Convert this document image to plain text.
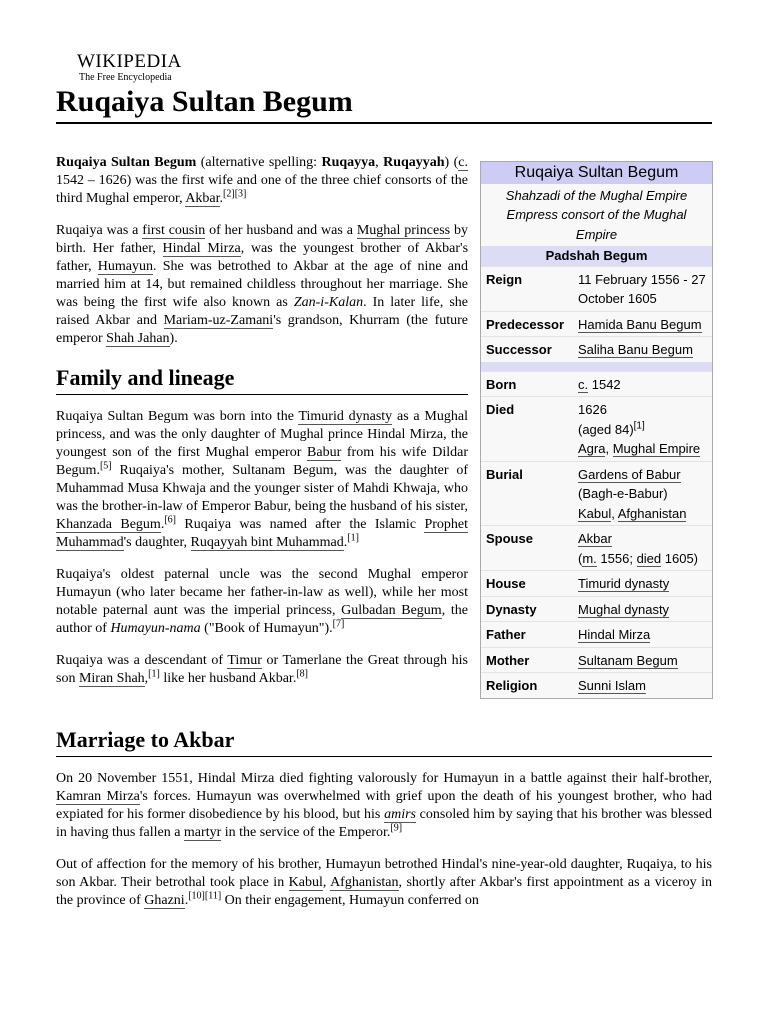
WIKIPEDIA
The Free Encyclopedia
Ruqaiya Sultan Begum

Ruqaiya Sultan Begum (alternative spelling: Ruqayya, Ruqayyah) (c. 1542 – 1626) was the first wife and one of the three chief consorts of the third Mughal emperor, Akbar.[2][3]

Ruqaiya was a first cousin of her husband and was a Mughal princess by birth. Her father, Hindal Mirza, was the youngest brother of Akbar's father, Humayun. She was betrothed to Akbar at the age of nine and married him at 14, but remained childless throughout her marriage. She was being the first wife also known as Zan-i-Kalan. In later life, she raised Akbar and Mariam-uz-Zamani's grandson, Khurram (the future emperor Shah Jahan).

Family and lineage

Ruqaiya Sultan Begum was born into the Timurid dynasty as a Mughal princess, and was the only daughter of Mughal prince Hindal Mirza, the youngest son of the first Mughal emperor Babur from his wife Dildar Begum.[5] Ruqaiya's mother, Sultanam Begum, was the daughter of Muhammad Musa Khwaja and the younger sister of Mahdi Khwaja, who was the brother-in-law of Emperor Babur, being the husband of his sister, Khanzada Begum.[6] Ruqaiya was named after the Islamic Prophet Muhammad's daughter, Ruqayyah bint Muhammad.[1]

Ruqaiya's oldest paternal uncle was the second Mughal emperor Humayun (who later became her father-in-law as well), while her most notable paternal aunt was the imperial princess, Gulbadan Begum, the author of Humayun-nama ("Book of Humayun").[7]

Ruqaiya was a descendant of Timur or Tamerlane the Great through his son Miran Shah,[1] like her husband Akbar.[8]

Marriage to Akbar

On 20 November 1551, Hindal Mirza died fighting valorously for Humayun in a battle against their half-brother, Kamran Mirza's forces. Humayun was overwhelmed with grief upon the death of his youngest brother, who had expiated for his former disobedience by his blood, but his amirs consoled him by saying that his brother was blessed in having thus fallen a martyr in the service of the Emperor.[9]

Out of affection for the memory of his brother, Humayun betrothed Hindal's nine-year-old daughter, Ruqaiya, to his son Akbar. Their betrothal took place in Kabul, Afghanistan, shortly after Akbar's first appointment as a viceroy in the province of Ghazni.[10][11] On their engagement, Humayun conferred on

Ruqaiya Sultan Begum
Shahzadi of the Mughal Empire
Empress consort of the Mughal Empire
Padshah Begum
Reign	11 February 1556 - 27 October 1605
Predecessor	Hamida Banu Begum
Successor	Saliha Banu Begum
Born	c. 1542
Died	1626
(aged 84)[1]
Agra, Mughal Empire
Burial	Gardens of Babur
(Bagh-e-Babur)
Kabul, Afghanistan
Spouse	Akbar
(m. 1556; died 1605)
House	Timurid dynasty
Dynasty	Mughal dynasty
Father	Hindal Mirza
Mother	Sultanam Begum
Religion	Sunni Islam
